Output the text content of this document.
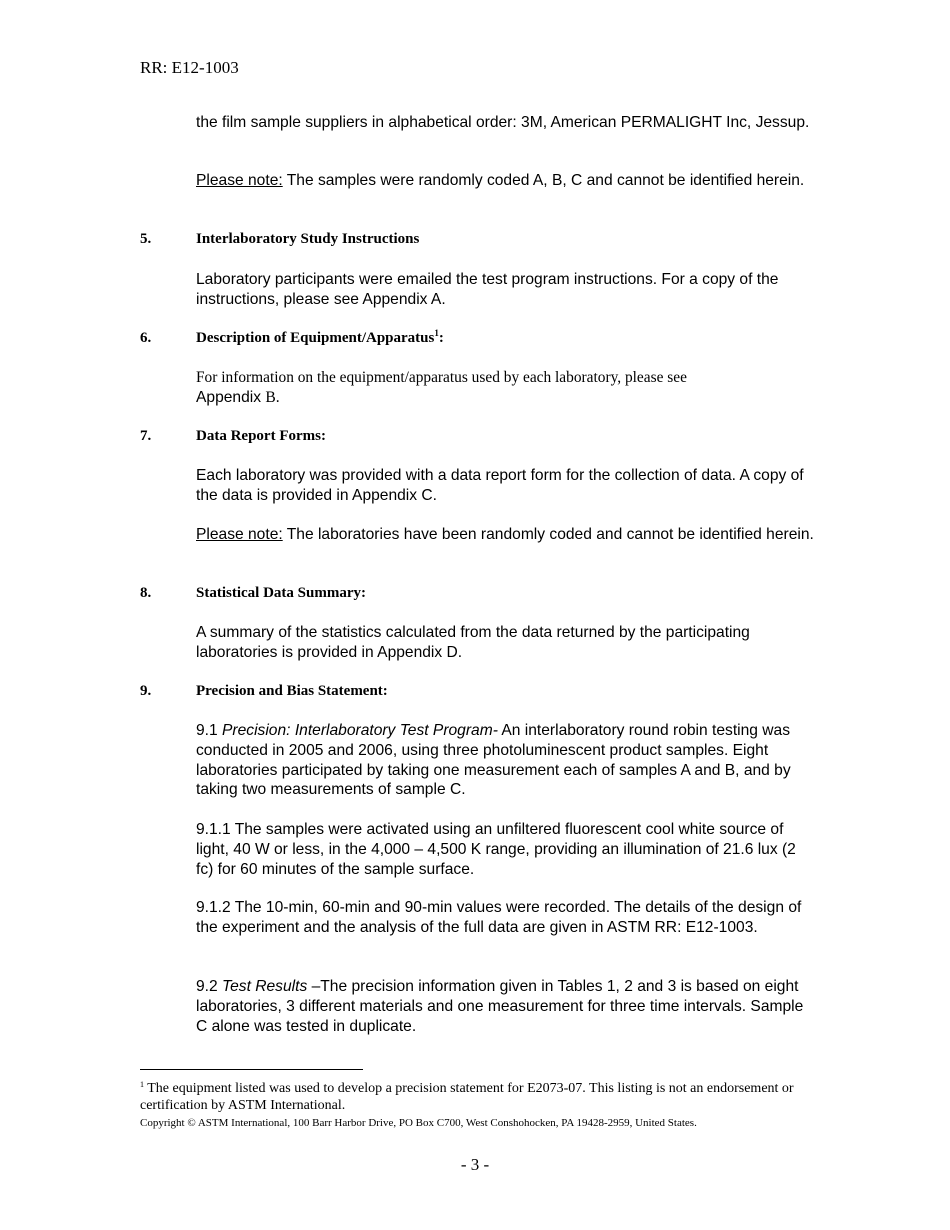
RR: E12-1003
the film sample suppliers in alphabetical order: 3M, American PERMALIGHT Inc, Jessup.
Please note: The samples were randomly coded A, B, C and cannot be identified herein.
5.	Interlaboratory Study Instructions
Laboratory participants were emailed the test program instructions. For a copy of the instructions, please see Appendix A.
6.	Description of Equipment/Apparatus$^1$:
For information on the equipment/apparatus used by each laboratory, please see
Appendix B.
7.	Data Report Forms:
Each laboratory was provided with a data report form for the collection of data. A copy of the data is provided in Appendix C.
Please note: The laboratories have been randomly coded and cannot be identified herein.
8.	Statistical Data Summary:
A summary of the statistics calculated from the data returned by the participating laboratories is provided in Appendix D.
9.	Precision and Bias Statement:
9.1 Precision: Interlaboratory Test Program- An interlaboratory round robin testing was conducted in 2005 and 2006, using three photoluminescent product samples. Eight laboratories participated by taking one measurement each of samples A and B, and by taking two measurements of sample C.
9.1.1 The samples were activated using an unfiltered fluorescent cool white source of light, 40 W or less, in the 4,000 – 4,500 K range, providing an illumination of 21.6 lux (2 fc) for 60 minutes of the sample surface.
9.1.2 The 10-min, 60-min and 90-min values were recorded. The details of the design of the experiment and the analysis of the full data are given in ASTM RR: E12-1003.
9.2 Test Results –The precision information given in Tables 1, 2 and 3 is based on eight laboratories, 3 different materials and one measurement for three time intervals. Sample C alone was tested in duplicate.
$^1$ The equipment listed was used to develop a precision statement for E2073-07. This listing is not an endorsement or certification by ASTM International.
Copyright © ASTM International, 100 Barr Harbor Drive, PO Box C700, West Conshohocken, PA 19428-2959, United States.
- 3 -
